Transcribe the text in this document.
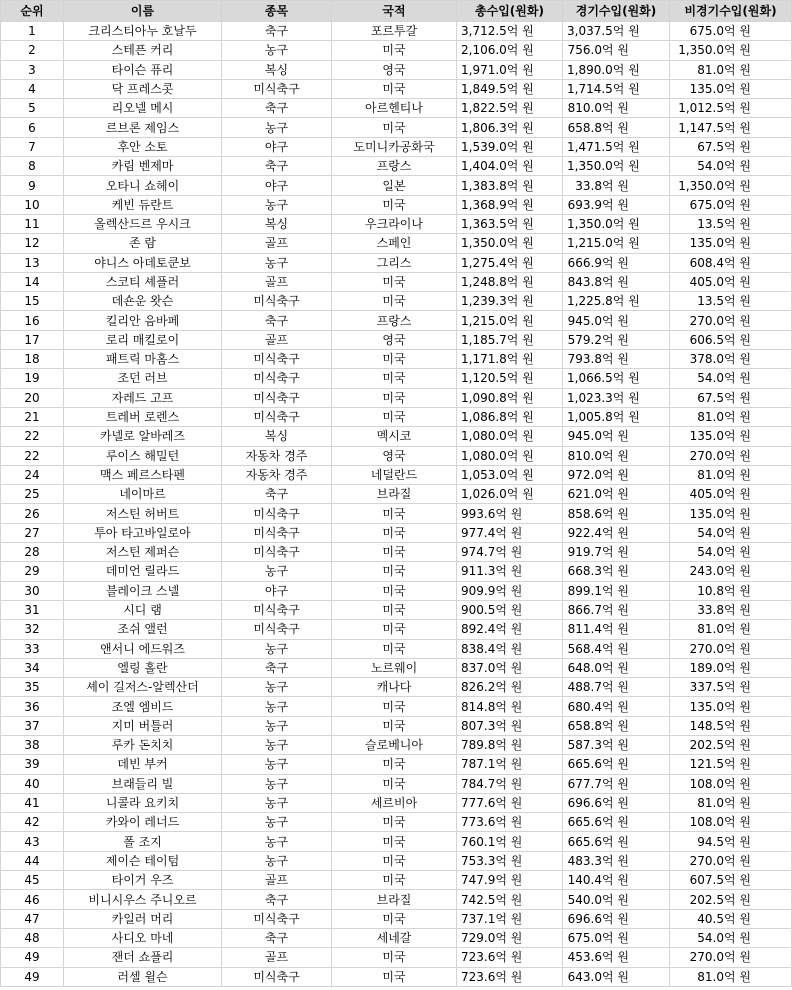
순위	이름	종목	국적	총수입(원화)	경기수입(원화)	비경기수입(원화)
1	크리스티아누 호날두	축구	포르투갈	3,712.5억 원	3,037.5억 원	675.0억 원
2	스테픈 커리	농구	미국	2,106.0억 원	756.0억 원	1,350.0억 원
3	타이슨 퓨리	복싱	영국	1,971.0억 원	1,890.0억 원	81.0억 원
4	닥 프레스콧	미식축구	미국	1,849.5억 원	1,714.5억 원	135.0억 원
5	리오넬 메시	축구	아르헨티나	1,822.5억 원	810.0억 원	1,012.5억 원
6	르브론 제임스	농구	미국	1,806.3억 원	658.8억 원	1,147.5억 원
7	후안 소토	야구	도미니카공화국	1,539.0억 원	1,471.5억 원	67.5억 원
8	카림 벤제마	축구	프랑스	1,404.0억 원	1,350.0억 원	54.0억 원
9	오타니 쇼헤이	야구	일본	1,383.8억 원	33.8억 원	1,350.0억 원
10	케빈 듀란트	농구	미국	1,368.9억 원	693.9억 원	675.0억 원
11	올렉산드르 우시크	복싱	우크라이나	1,363.5억 원	1,350.0억 원	13.5억 원
12	존 람	골프	스페인	1,350.0억 원	1,215.0억 원	135.0억 원
13	야니스 아데토쿤보	농구	그리스	1,275.4억 원	666.9억 원	608.4억 원
14	스코티 셰플러	골프	미국	1,248.8억 원	843.8억 원	405.0억 원
15	데숀운 왓슨	미식축구	미국	1,239.3억 원	1,225.8억 원	13.5억 원
16	킬리안 음바페	축구	프랑스	1,215.0억 원	945.0억 원	270.0억 원
17	로리 매킬로이	골프	영국	1,185.7억 원	579.2억 원	606.5억 원
18	패트릭 마홈스	미식축구	미국	1,171.8억 원	793.8억 원	378.0억 원
19	조던 러브	미식축구	미국	1,120.5억 원	1,066.5억 원	54.0억 원
20	자레드 고프	미식축구	미국	1,090.8억 원	1,023.3억 원	67.5억 원
21	트레버 로렌스	미식축구	미국	1,086.8억 원	1,005.8억 원	81.0억 원
22	카넬로 알바레즈	복싱	멕시코	1,080.0억 원	945.0억 원	135.0억 원
22	루이스 해밀턴	자동차 경주	영국	1,080.0억 원	810.0억 원	270.0억 원
24	맥스 페르스타펜	자동차 경주	네덜란드	1,053.0억 원	972.0억 원	81.0억 원
25	네이마르	축구	브라질	1,026.0억 원	621.0억 원	405.0억 원
26	저스틴 허버트	미식축구	미국	993.6억 원	858.6억 원	135.0억 원
27	투아 타고바일로아	미식축구	미국	977.4억 원	922.4억 원	54.0억 원
28	저스틴 제퍼슨	미식축구	미국	974.7억 원	919.7억 원	54.0억 원
29	데미언 릴라드	농구	미국	911.3억 원	668.3억 원	243.0억 원
30	블레이크 스넬	야구	미국	909.9억 원	899.1억 원	10.8억 원
31	시디 램	미식축구	미국	900.5억 원	866.7억 원	33.8억 원
32	조쉬 앨런	미식축구	미국	892.4억 원	811.4억 원	81.0억 원
33	앤서니 에드워즈	농구	미국	838.4억 원	568.4억 원	270.0억 원
34	엘링 홀란	축구	노르웨이	837.0억 원	648.0억 원	189.0억 원
35	셰이 길저스-알렉산더	농구	캐나다	826.2억 원	488.7억 원	337.5억 원
36	조엘 엠비드	농구	미국	814.8억 원	680.4억 원	135.0억 원
37	지미 버틀러	농구	미국	807.3억 원	658.8억 원	148.5억 원
38	루카 돈치치	농구	슬로베니아	789.8억 원	587.3억 원	202.5억 원
39	데빈 부커	농구	미국	787.1억 원	665.6억 원	121.5억 원
40	브래들리 빌	농구	미국	784.7억 원	677.7억 원	108.0억 원
41	니콜라 요키치	농구	세르비아	777.6억 원	696.6억 원	81.0억 원
42	카와이 레너드	농구	미국	773.6억 원	665.6억 원	108.0억 원
43	폴 조지	농구	미국	760.1억 원	665.6억 원	94.5억 원
44	제이슨 테이텀	농구	미국	753.3억 원	483.3억 원	270.0억 원
45	타이거 우즈	골프	미국	747.9억 원	140.4억 원	607.5억 원
46	비니시우스 주니오르	축구	브라질	742.5억 원	540.0억 원	202.5억 원
47	카일러 머리	미식축구	미국	737.1억 원	696.6억 원	40.5억 원
48	사디오 마네	축구	세네갈	729.0억 원	675.0억 원	54.0억 원
49	잰더 쇼플리	골프	미국	723.6억 원	453.6억 원	270.0억 원
49	러셀 윌슨	미식축구	미국	723.6억 원	643.0억 원	81.0억 원
